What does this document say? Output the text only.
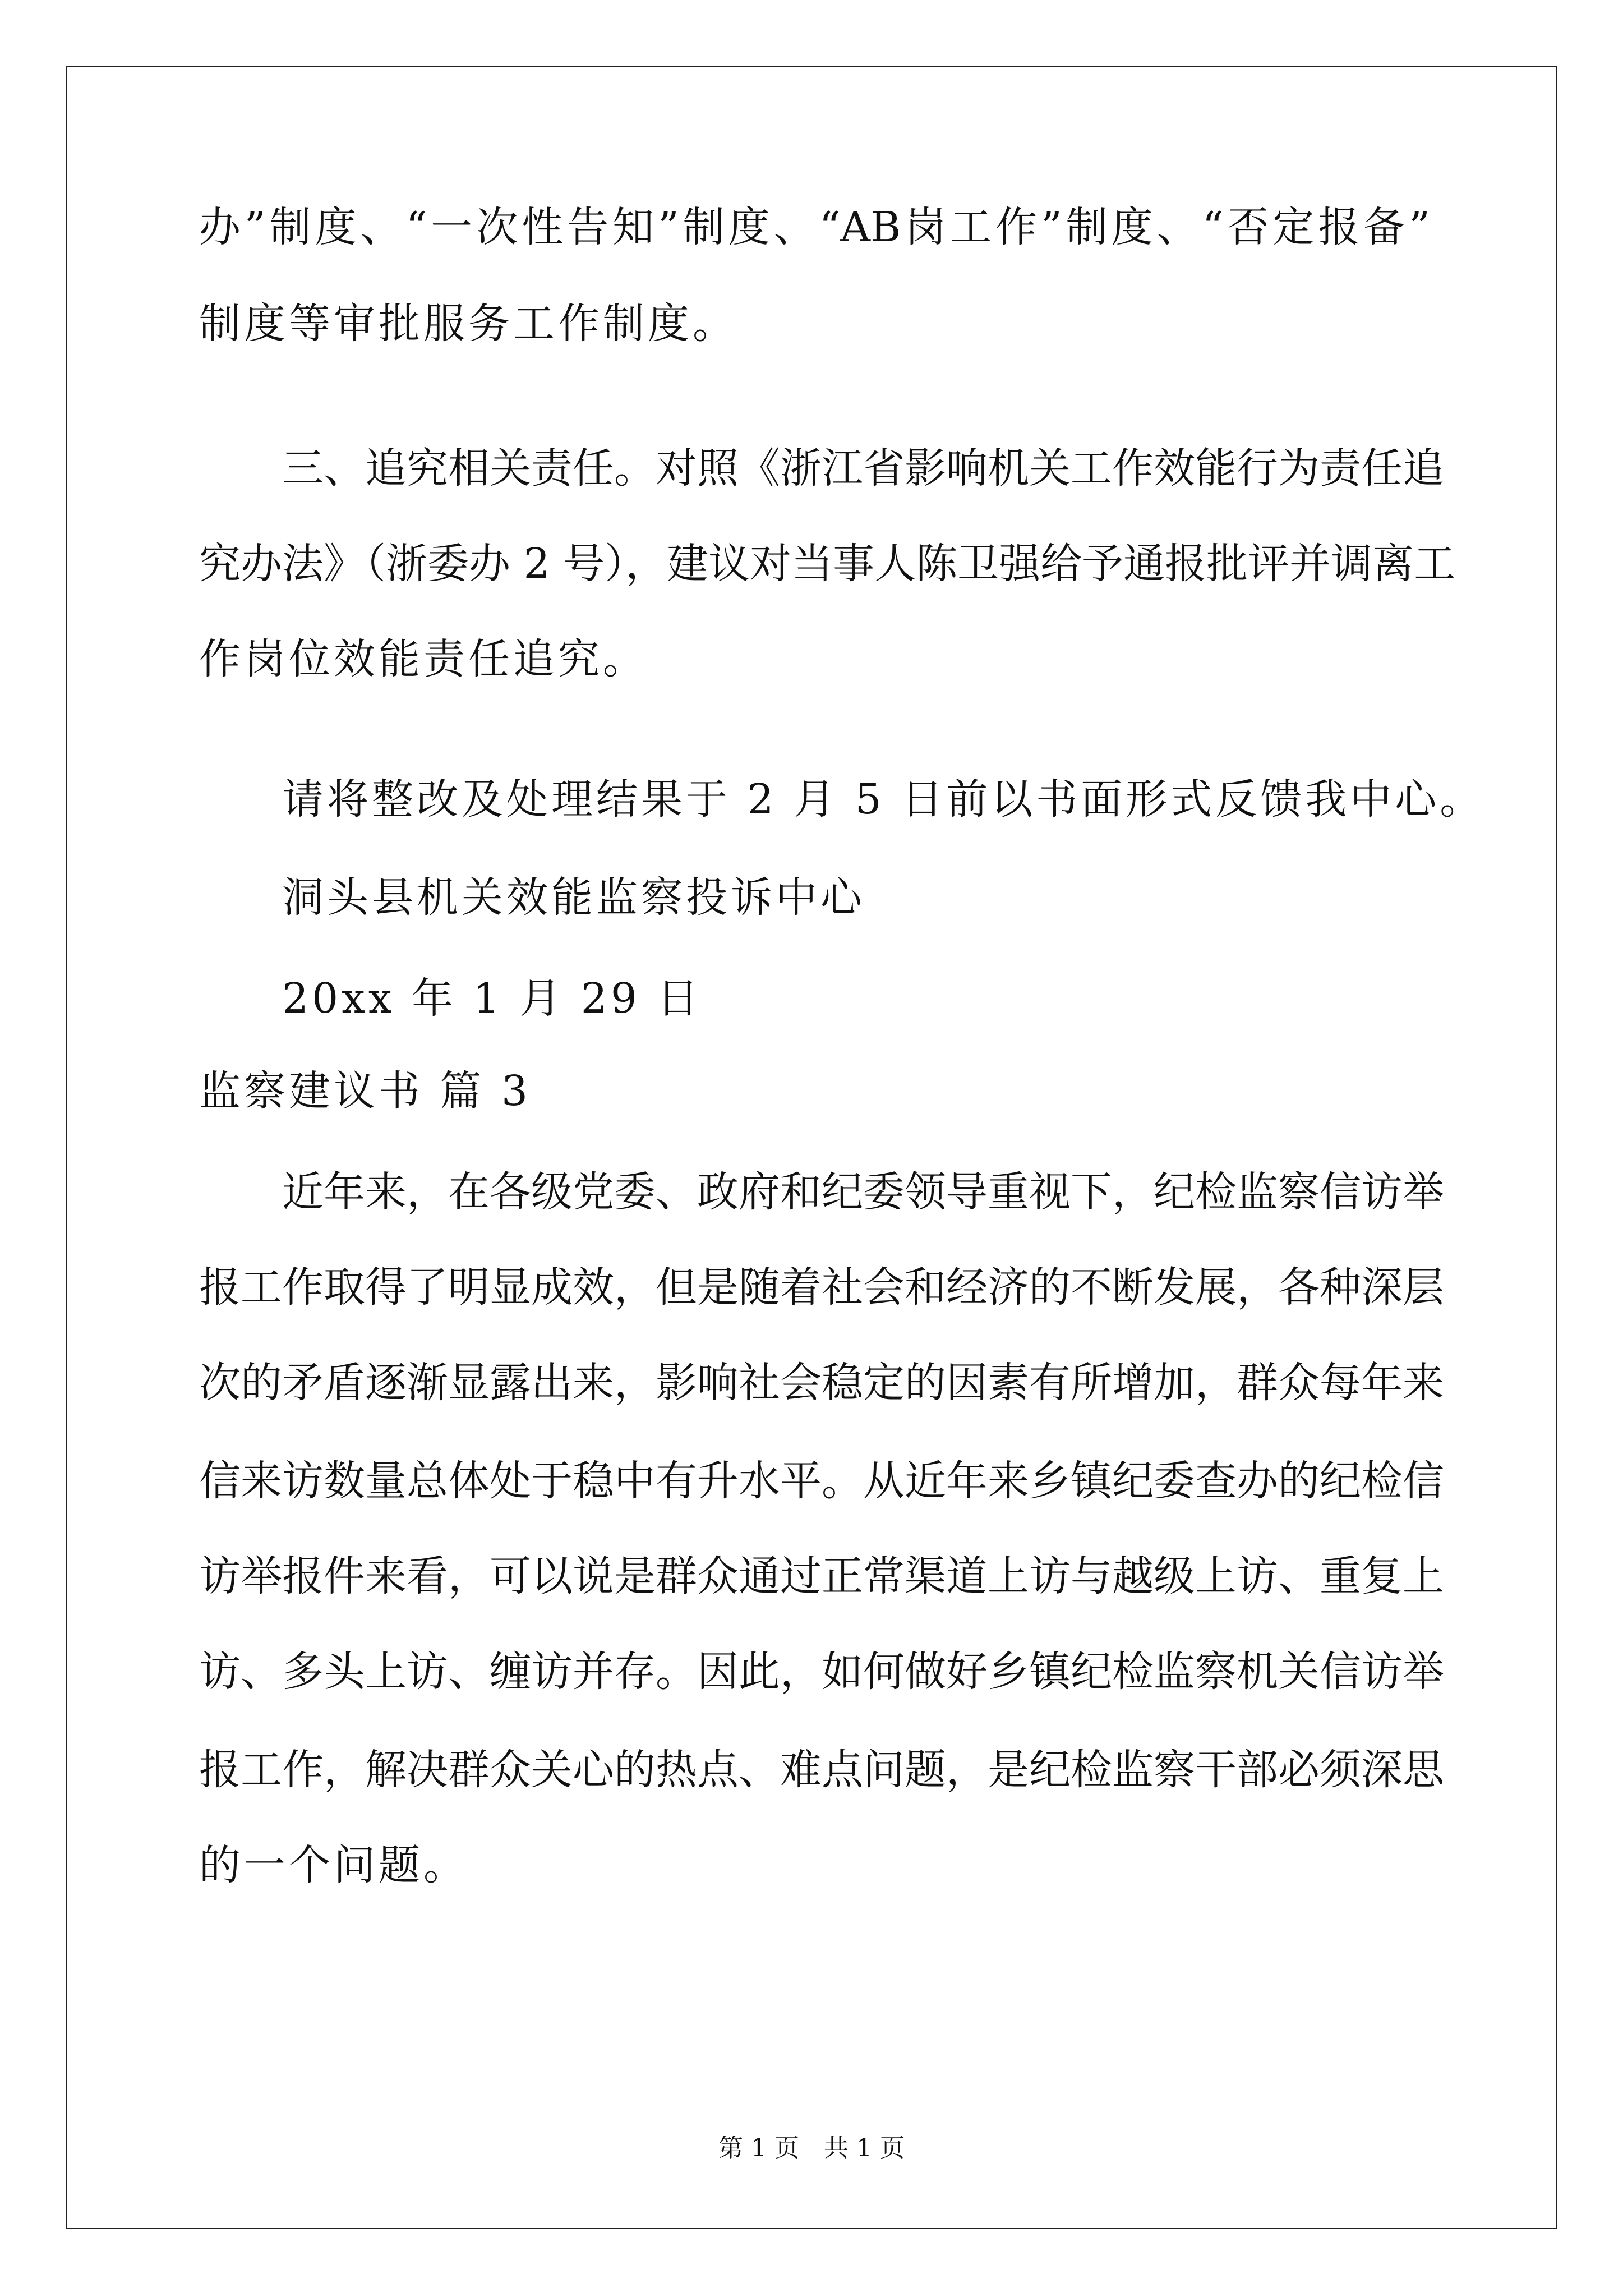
办”制度、“一次性告知”制度、“AB岗工作”制度、“否定报备”
制度等审批服务工作制度。
三、追究相关责任。对照《浙江省影响机关工作效能行为责任追
究办法》（浙委办 2 号），建议对当事人陈卫强给予通报批评并调离工
作岗位效能责任追究。
请将整改及处理结果于 2 月 5 日前以书面形式反馈我中心。
洞头县机关效能监察投诉中心
20xx 年 1 月 29 日
监察建议书 篇 3
近年来，在各级党委、政府和纪委领导重视下，纪检监察信访举
报工作取得了明显成效，但是随着社会和经济的不断发展，各种深层
次的矛盾逐渐显露出来，影响社会稳定的因素有所增加，群众每年来
信来访数量总体处于稳中有升水平。从近年来乡镇纪委查办的纪检信
访举报件来看，可以说是群众通过正常渠道上访与越级上访、重复上
访、多头上访、缠访并存。因此，如何做好乡镇纪检监察机关信访举
报工作，解决群众关心的热点、难点问题，是纪检监察干部必须深思
的一个问题。
第 1 页　共 1 页
